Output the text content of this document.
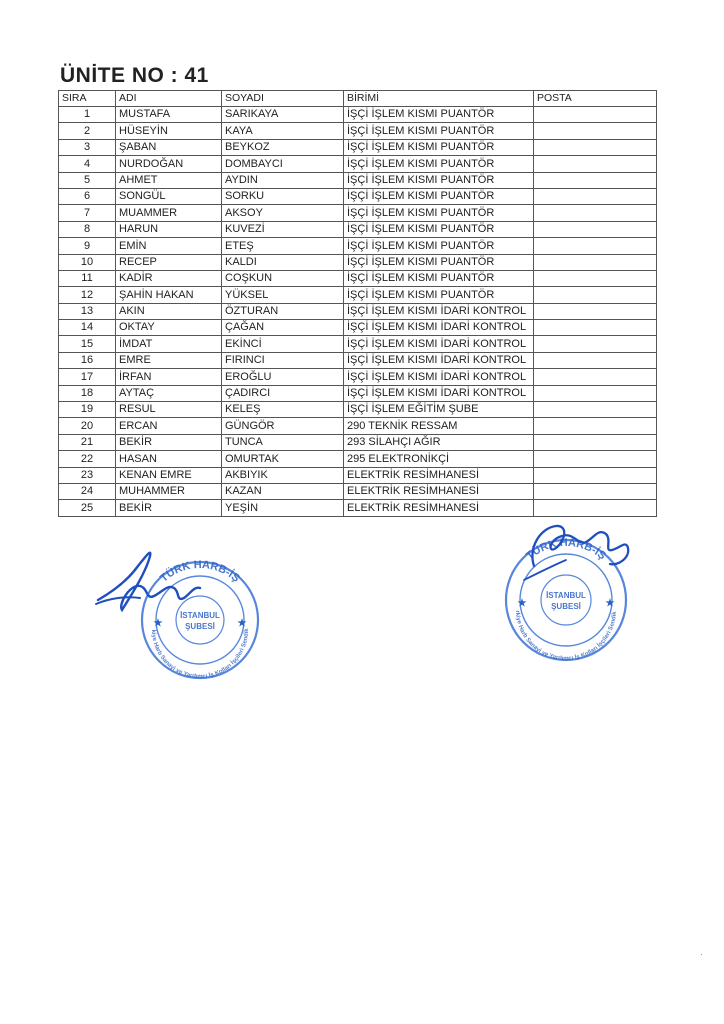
ÜNİTE NO : 41
SIRA	ADI	SOYADI	BİRİMİ	POSTA
1	MUSTAFA	SARIKAYA	İŞÇİ İŞLEM KISMI PUANTÖR	
2	HÜSEYİN	KAYA	İŞÇİ İŞLEM KISMI PUANTÖR	
3	ŞABAN	BEYKOZ	İŞÇİ İŞLEM KISMI PUANTÖR	
4	NURDOĞAN	DOMBAYCI	İŞÇİ İŞLEM KISMI PUANTÖR	
5	AHMET	AYDIN	İŞÇİ İŞLEM KISMI PUANTÖR	
6	SONGÜL	SORKU	İŞÇİ İŞLEM KISMI PUANTÖR	
7	MUAMMER	AKSOY	İŞÇİ İŞLEM KISMI PUANTÖR	
8	HARUN	KUVEZİ	İŞÇİ İŞLEM KISMI PUANTÖR	
9	EMİN	ETEŞ	İŞÇİ İŞLEM KISMI PUANTÖR	
10	RECEP	KALDI	İŞÇİ İŞLEM KISMI PUANTÖR	
11	KADİR	COŞKUN	İŞÇİ İŞLEM KISMI PUANTÖR	
12	ŞAHİN HAKAN	YÜKSEL	İŞÇİ İŞLEM KISMI PUANTÖR	
13	AKIN	ÖZTURAN	İŞÇİ İŞLEM KISMI İDARİ KONTROL	
14	OKTAY	ÇAĞAN	İŞÇİ İŞLEM KISMI İDARİ KONTROL	
15	İMDAT	EKİNCİ	İŞÇİ İŞLEM KISMI İDARİ KONTROL	
16	EMRE	FIRINCI	İŞÇİ İŞLEM KISMI İDARİ KONTROL	
17	İRFAN	EROĞLU	İŞÇİ İŞLEM KISMI İDARİ KONTROL	
18	AYTAÇ	ÇADIRCI	İŞÇİ İŞLEM KISMI İDARİ KONTROL	
19	RESUL	KELEŞ	İŞÇİ İŞLEM EĞİTİM ŞUBE	
20	ERCAN	GÜNGÖR	290 TEKNİK RESSAM	
21	BEKİR	TUNCA	293 SİLAHÇI AĞIR	
22	HASAN	OMURTAK	295 ELEKTRONİKÇİ	
23	KENAN EMRE	AKBIYIK	ELEKTRİK RESİMHANESİ	
24	MUHAMMER	KAZAN	ELEKTRİK RESİMHANESİ	
25	BEKİR	YEŞİN	ELEKTRİK RESİMHANESİ	
TÜRK HARB-İŞ
kiye Harb Sanayi ve Yardımcı İş Kolları İşçileri Sendik
İSTANBUL
ŞUBESİ
★	★
TÜRK HARB-İŞ
rkiye Harb Sanayi ve Yardımcı İş Kolları İşçileri Sendik
İSTANBUL
ŞUBESİ
★	★
·
